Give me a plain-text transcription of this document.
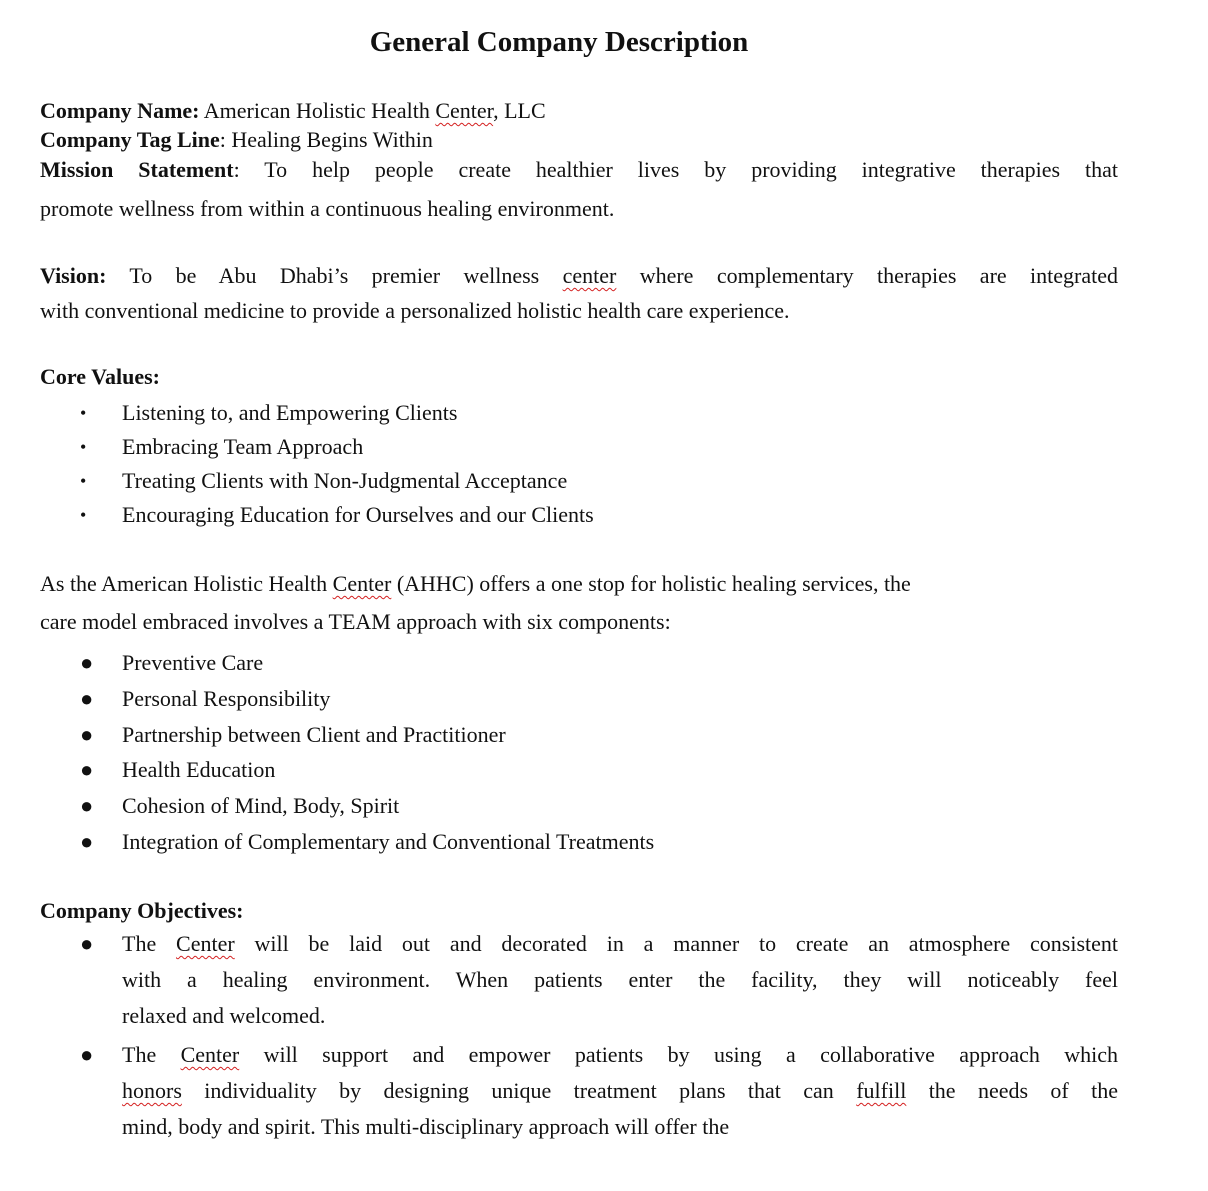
General Company Description
Company Name: American Holistic Health Center, LLC
Company Tag Line: Healing Begins Within
Mission Statement: To help people create healthier lives by providing integrative therapies that
promote wellness from within a continuous healing environment.
Vision: To be Abu Dhabi’s premier wellness center where complementary therapies are integrated
with conventional medicine to provide a personalized holistic health care experience.
Core Values:
• Listening to, and Empowering Clients
• Embracing Team Approach
• Treating Clients with Non-Judgmental Acceptance
• Encouraging Education for Ourselves and our Clients
As the American Holistic Health Center (AHHC) offers a one stop for holistic healing services, the
care model embraced involves a TEAM approach with six components:
● Preventive Care
● Personal Responsibility
● Partnership between Client and Practitioner
● Health Education
● Cohesion of Mind, Body, Spirit
● Integration of Complementary and Conventional Treatments
Company Objectives:
● The Center will be laid out and decorated in a manner to create an atmosphere consistent
with a healing environment. When patients enter the facility, they will noticeably feel
relaxed and welcomed.
● The Center will support and empower patients by using a collaborative approach which
honors individuality by designing unique treatment plans that can fulfill the needs of the
mind, body and spirit. This multi-disciplinary approach will offer the
